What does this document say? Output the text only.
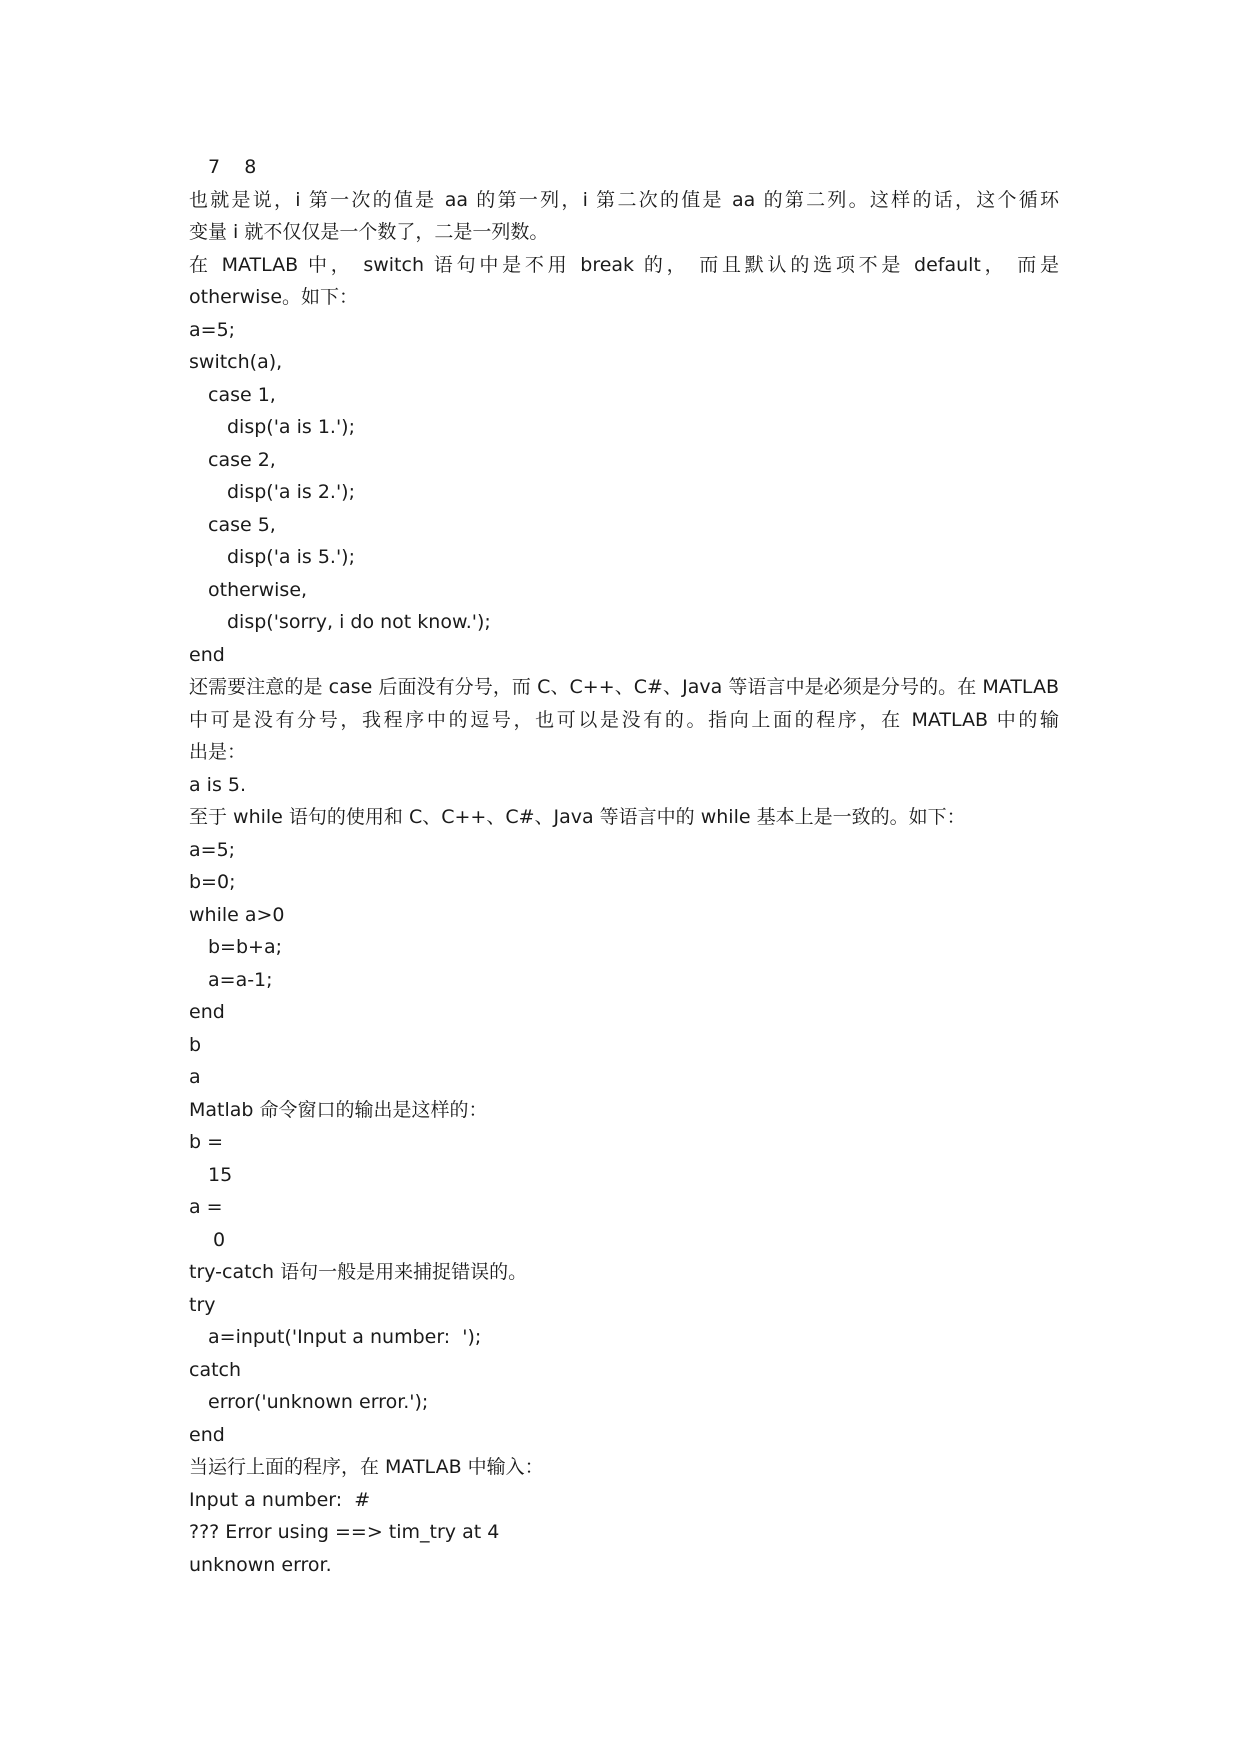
7    8
也就是说，i 第一次的值是 aa 的第一列，i 第二次的值是 aa 的第二列。这样的话，这个循环
变量 i 就不仅仅是一个数了，二是一列数。
在 MATLAB 中， switch 语句中是不用 break 的， 而且默认的选项不是 default， 而是
otherwise。如下：
a=5;
switch(a),
case 1,
disp('a is 1.');
case 2,
disp('a is 2.');
case 5,
disp('a is 5.');
otherwise,
disp('sorry, i do not know.');
end
还需要注意的是 case 后面没有分号，而 C、C++、C#、Java 等语言中是必须是分号的。在 MATLAB
中可是没有分号，我程序中的逗号，也可以是没有的。指向上面的程序，在 MATLAB 中的输
出是：
a is 5.
至于 while 语句的使用和 C、C++、C#、Java 等语言中的 while 基本上是一致的。如下：
a=5;
b=0;
while a>0
b=b+a;
a=a-1;
end
b
a
Matlab 命令窗口的输出是这样的：
b =
15
a =
0
try-catch 语句一般是用来捕捉错误的。
try
a=input('Input a number:  ');
catch
error('unknown error.');
end
当运行上面的程序，在 MATLAB 中输入：
Input a number:  #
??? Error using ==> tim_try at 4
unknown error.
